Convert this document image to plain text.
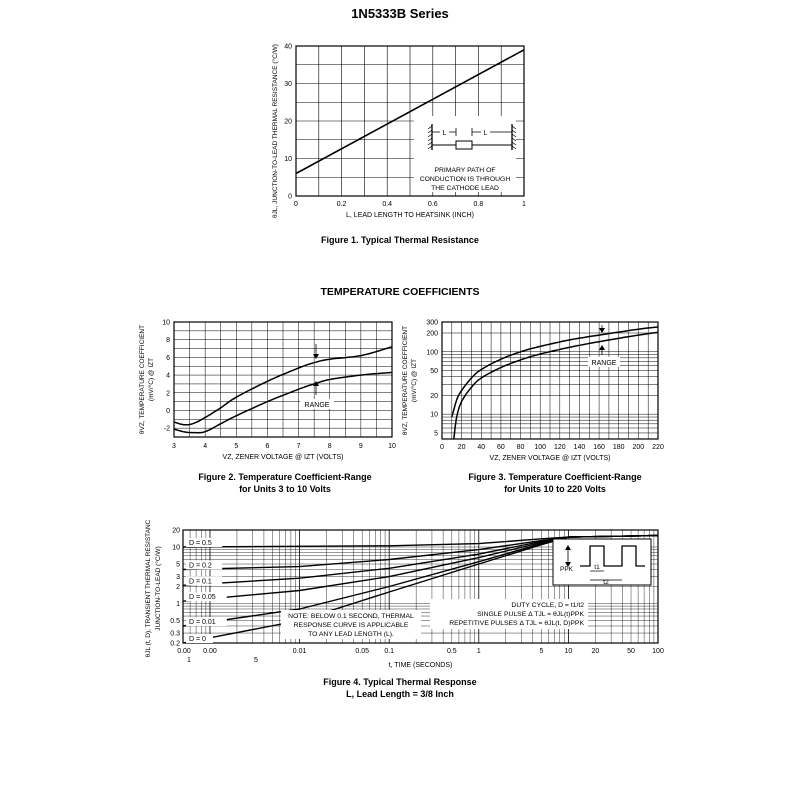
1N5333B Series
TEMPERATURE COEFFICIENTS
Figure 1. Typical Thermal Resistance
Figure 2. Temperature Coefficient-Range
for Units 3 to 10 Volts
Figure 3. Temperature Coefficient-Range
for Units 10 to 220 Volts
Figure 4. Typical Thermal Response
L, Lead Length = 3/8 Inch
0	0.2	0.4	0.6	0.8	1
0
10
20
30
40
L, LEAD LENGTH TO HEATSINK (INCH)
θJL, JUNCTION-TO-LEAD THERMAL RESISTANCE (°C/W)	L	L
PRIMARY PATH OF
CONDUCTION IS THROUGH
THE CATHODE LEAD
3	4	5	6	7	8	9	10
-2
0
2
4
6
8
10
VZ, ZENER VOLTAGE @ IZT (VOLTS)
θVZ, TEMPERATURE COEFFICIENT (mV/°C) @ IZT
RANGE
0 20 40 60 80 100 120 140 160 180 200 220
5
10
20
50
100
200
300
VZ, ZENER VOLTAGE @ IZT (VOLTS)
θVZ, TEMPERATURE COEFFICIENT (mV/°C) @ IZT	RANGE
0.00 0.00	0.01	0.05 0.1	0.5	1	5	10	20	50 100
1	5
0.2
0.3
0.5
1
2
3
5
10
20
t, TIME (SECONDS)
θJL (t, D), TRANSIENT THERMAL RESISTANC JUNCTION-TO-LEAD (°C/W)
D = 0.5
D = 0.2
D = 0.1
D = 0.05
D = 0.01
D = 0
NOTE: BELOW 0.1 SECOND, THERMAL
RESPONSE CURVE IS APPLICABLE
TO ANY LEAD LENGTH (L).
DUTY CYCLE, D = t1/t2
SINGLE PULSE Δ TJL = θJL(t)PPK
REPETITIVE PULSES Δ TJL = θJL(t, D)PPK
PPK	t1
t2
